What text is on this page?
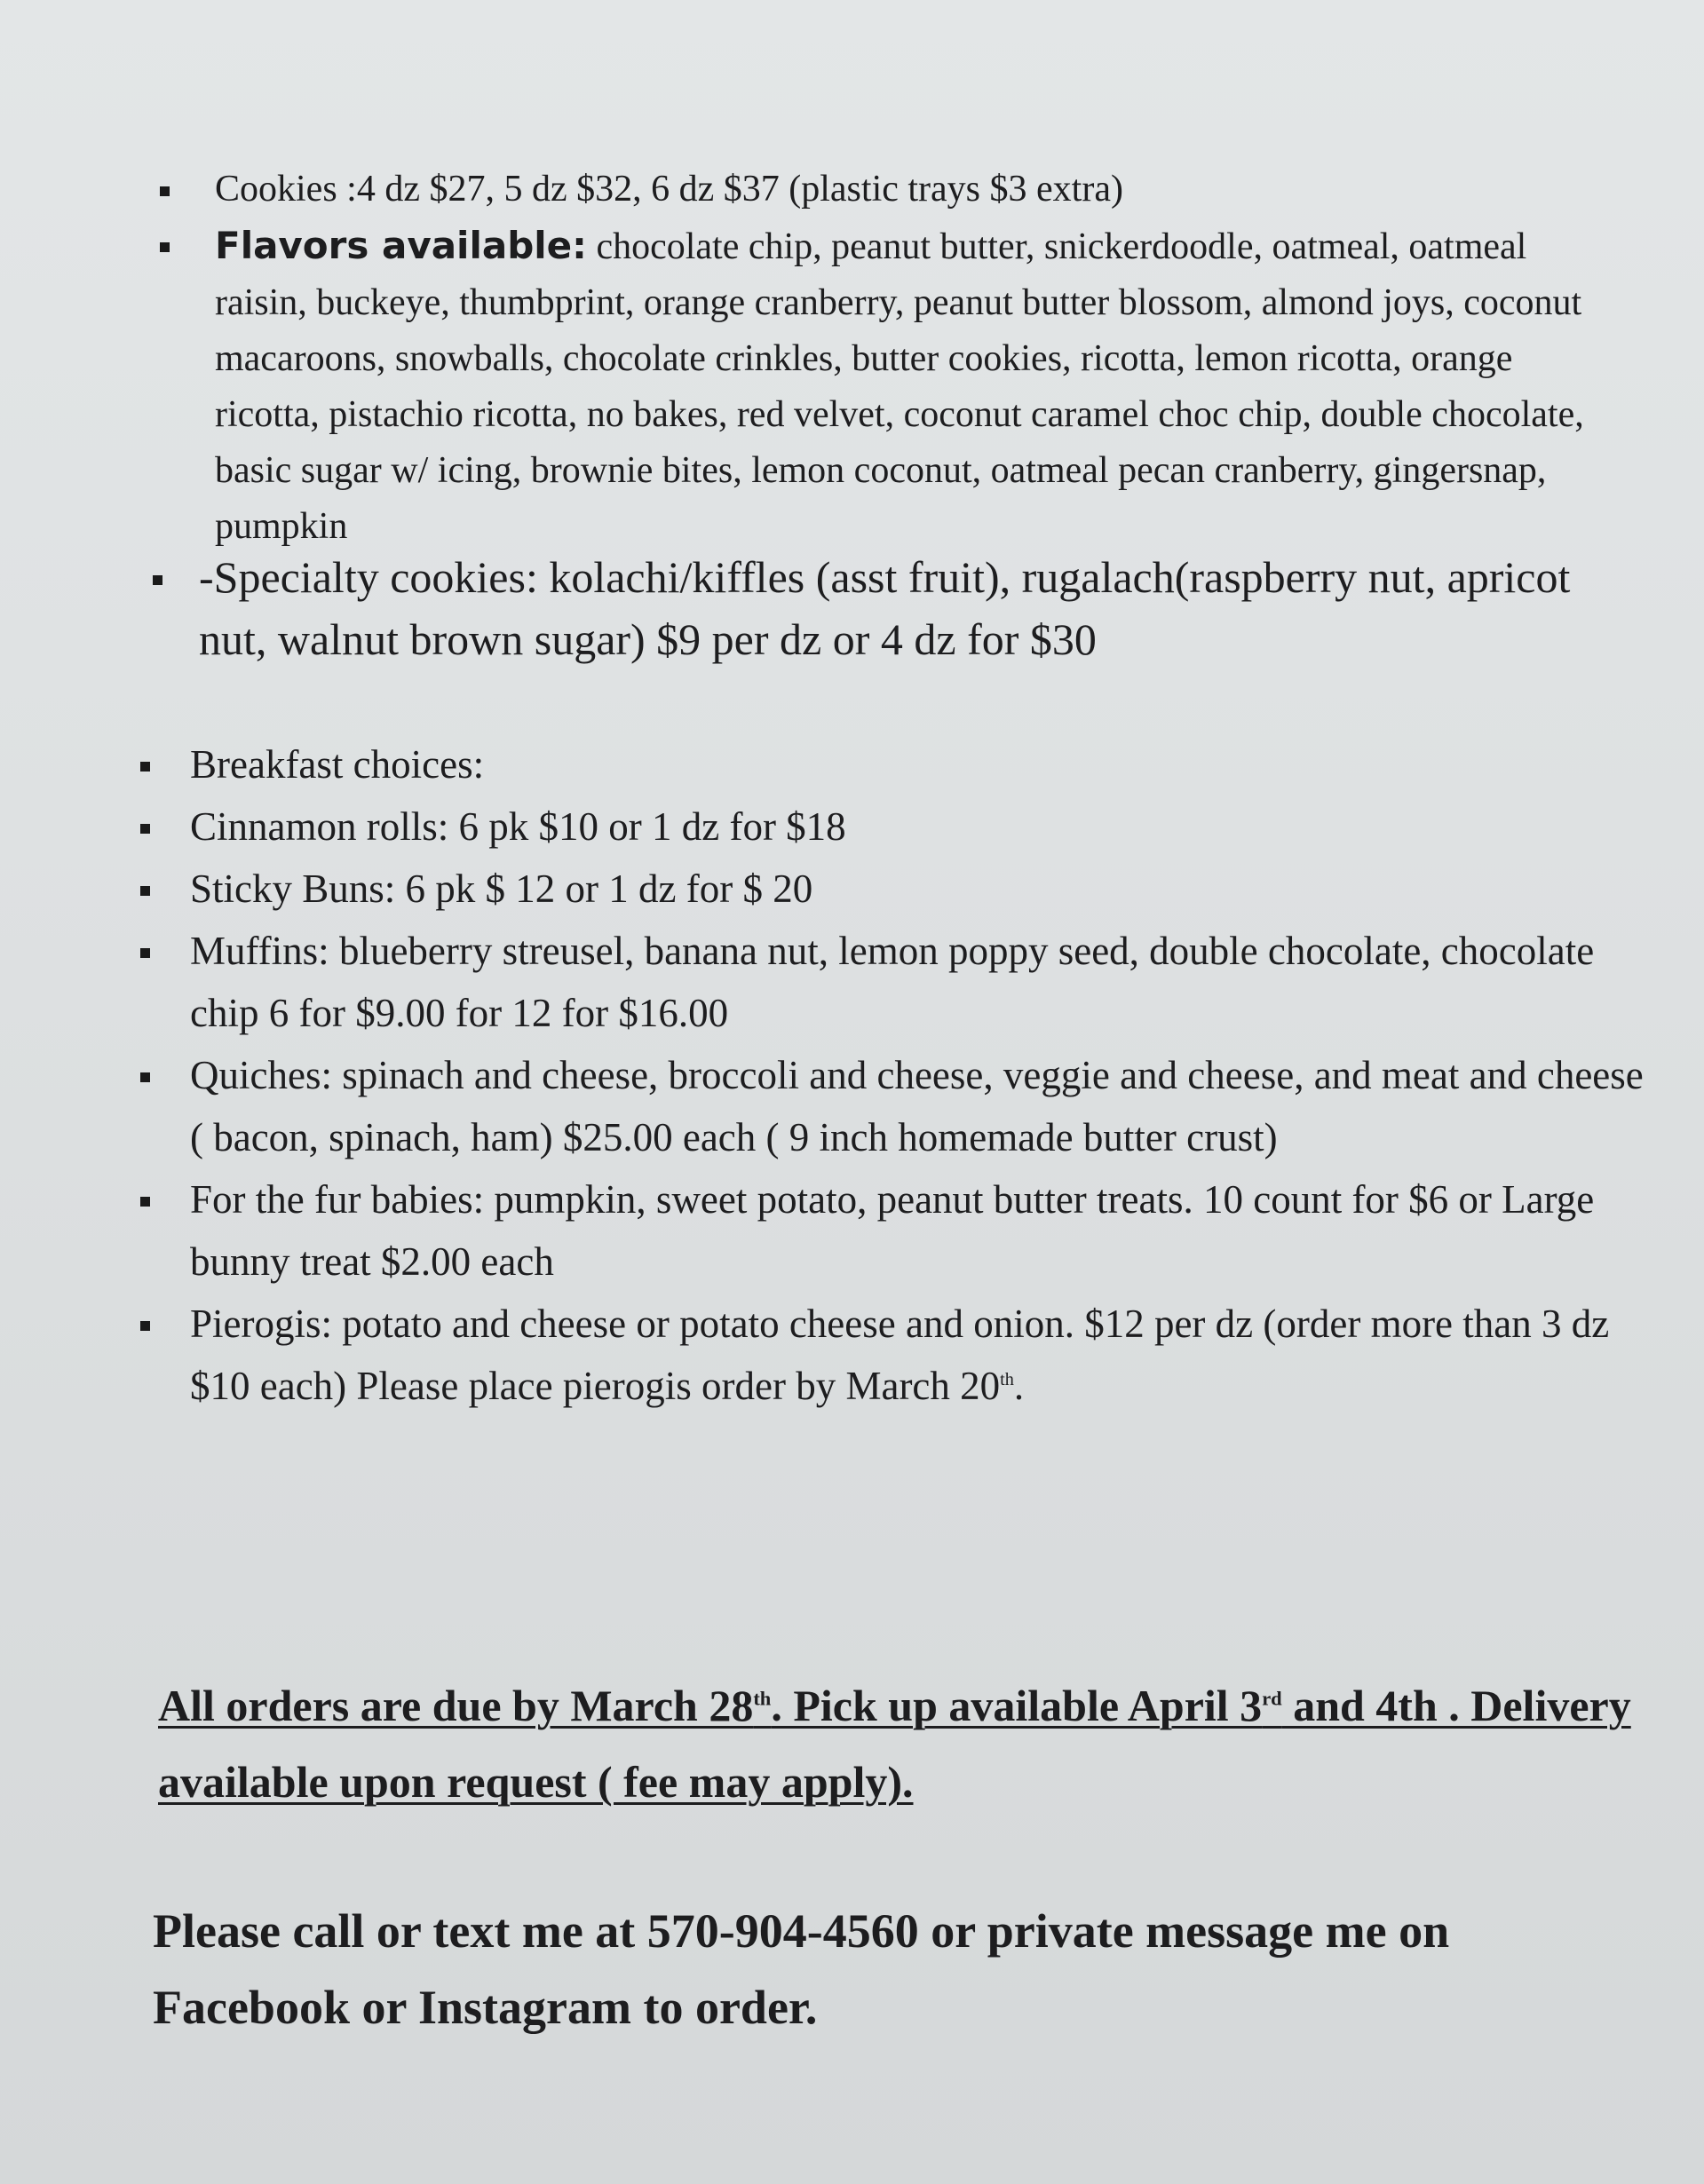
Cookies :4 dz $27, 5 dz $32, 6 dz $37 (plastic trays $3 extra)
Flavors available: chocolate chip, peanut butter, snickerdoodle, oatmeal, oatmeal raisin, buckeye, thumbprint, orange cranberry, peanut butter blossom, almond joys, coconut macaroons, snowballs, chocolate crinkles, butter cookies, ricotta, lemon ricotta, orange ricotta, pistachio ricotta, no bakes, red velvet, coconut caramel choc chip, double chocolate, basic sugar w/ icing, brownie bites, lemon coconut, oatmeal pecan cranberry, gingersnap, pumpkin
-Specialty cookies: kolachi/kiffles (asst fruit), rugalach(raspberry nut, apricot nut, walnut brown sugar) $9 per dz or 4 dz for $30
Breakfast choices:
Cinnamon rolls: 6 pk $10 or 1 dz for $18
Sticky Buns: 6 pk $ 12 or 1 dz for $ 20
Muffins: blueberry streusel, banana nut, lemon poppy seed, double chocolate, chocolate chip 6 for $9.00 for 12 for $16.00
Quiches: spinach and cheese, broccoli and cheese, veggie and cheese, and meat and cheese ( bacon, spinach, ham) $25.00 each ( 9 inch homemade butter crust)
For the fur babies: pumpkin, sweet potato, peanut butter treats. 10 count for $6 or Large bunny treat $2.00 each
Pierogis: potato and cheese or potato cheese and onion. $12 per dz (order more than 3 dz $10 each) Please place pierogis order by March 20th.
All orders are due by March 28th. Pick up available April 3rd and 4th . Delivery available upon request ( fee may apply).
Please call or text me at 570-904-4560 or private message me on Facebook or Instagram to order.
